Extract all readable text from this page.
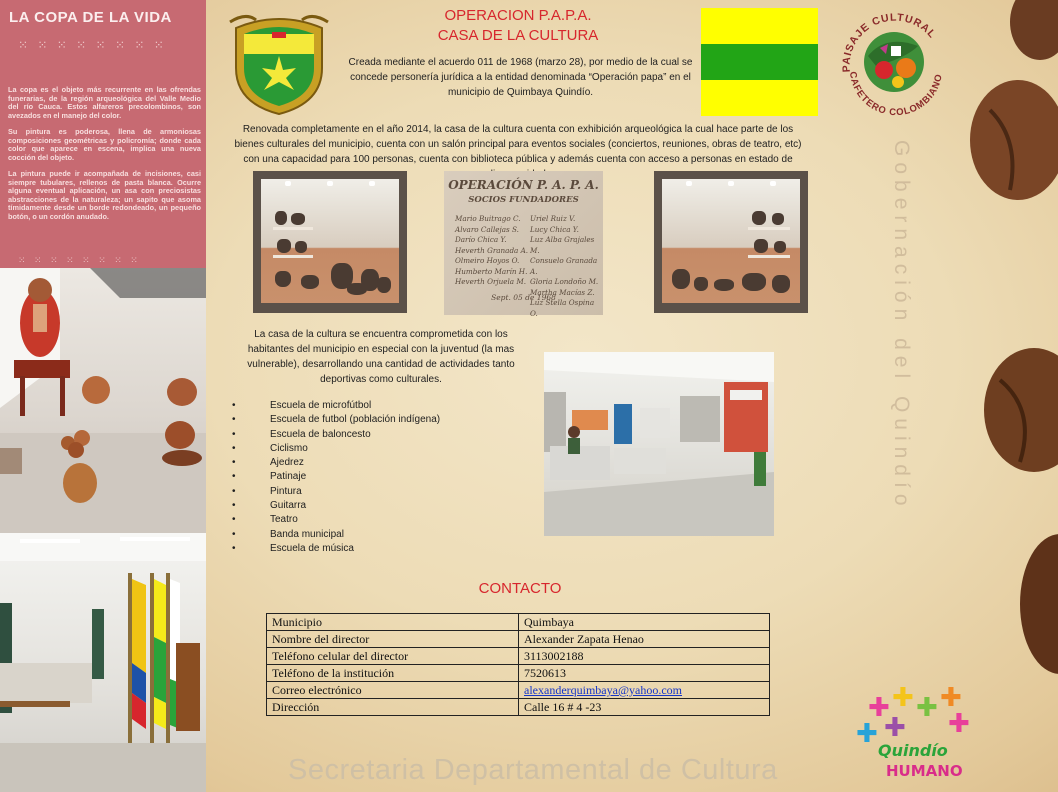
LA COPA DE LA VIDA
⁙ ⁙ ⁙ ⁙ ⁙ ⁙ ⁙ ⁙
La copa es el objeto más recurrente en las ofrendas funerarias, de la región arqueológica del Valle Medio del río Cauca. Estos alfareros precolombinos, son avezados en el manejo del color.
Su pintura es poderosa, llena de armoniosas composiciones geométricas y policromía; donde cada color que aparece en escena, implica una nueva cocción del objeto.
La pintura puede ir acompañada de incisiones, casi siempre tubulares, rellenos de pasta blanca. Ocurre alguna eventual aplicación, un asa con preciosistas abstracciones de la naturaleza; un sapito que asoma tímidamente desde un borde redondeado, un pequeño botón, o un cordón anudado.
⁙ ⁙ ⁙ ⁙ ⁙ ⁙ ⁙ ⁙
OPERACION P.A.P.A.
CASA DE LA CULTURA
Creada mediante el acuerdo 011 de 1968 (marzo 28), por medio de la cual se concede personería jurídica a la entidad denominada “Operación papa” en el municipio de Quimbaya Quindío.
PAISAJE CULTURAL
CAFETERO COLOMBIANO
Renovada completamente en el año 2014, la casa de la cultura cuenta con exhibición arqueológica la cual hace parte de los bienes culturales del municipio, cuenta con un salón principal para eventos sociales (conciertos, reuniones, obras de teatro, etc) con una capacidad para 100 personas, cuenta con biblioteca pública y además cuenta con acceso a personas en estado de
OPERACIÓN P. A. P. A.
SOCIOS FUNDADORES
Mario Buitrago C.
Alvaro Callejas S.
Darío Chica Y.
Heverth Granada A.
Olmeiro Hoyos O.
Humberto Marín H.
Heverth Orjuela M.
Uriel Ruiz V.
Lucy Chica Y.
Luz Alba Grajales M.
Consuelo Granada A.
Gloria Londoño M.
Martha Macías Z.
Luz Stella Ospina O.
Sept. 05 de 1968
La casa de la cultura se encuentra comprometida con los habitantes del municipio en especial con la juventud (la mas vulnerable), desarrollando una cantidad de actividades tanto deportivas como culturales.
• Escuela de microfútbol
• Escuela de futbol (población indígena)
• Escuela de baloncesto
• Ciclismo
• Ajedrez
• Patinaje
• Pintura
• Guitarra
• Teatro
• Banda municipal
• Escuela de música
CONTACTO
Municipio	Quimbaya
Nombre del director	Alexander Zapata Henao
Teléfono celular del director	3113002188
Teléfono de la institución	7520613
Correo electrónico	alexanderquimbaya@yahoo.com
Dirección	Calle 16 # 4 -23
Gobernación del Quindío
✚ ✚ ✚ ✚
✚ ✚ ✚
Quindío
HUMANO
Secretaria Departamental de Cultura
